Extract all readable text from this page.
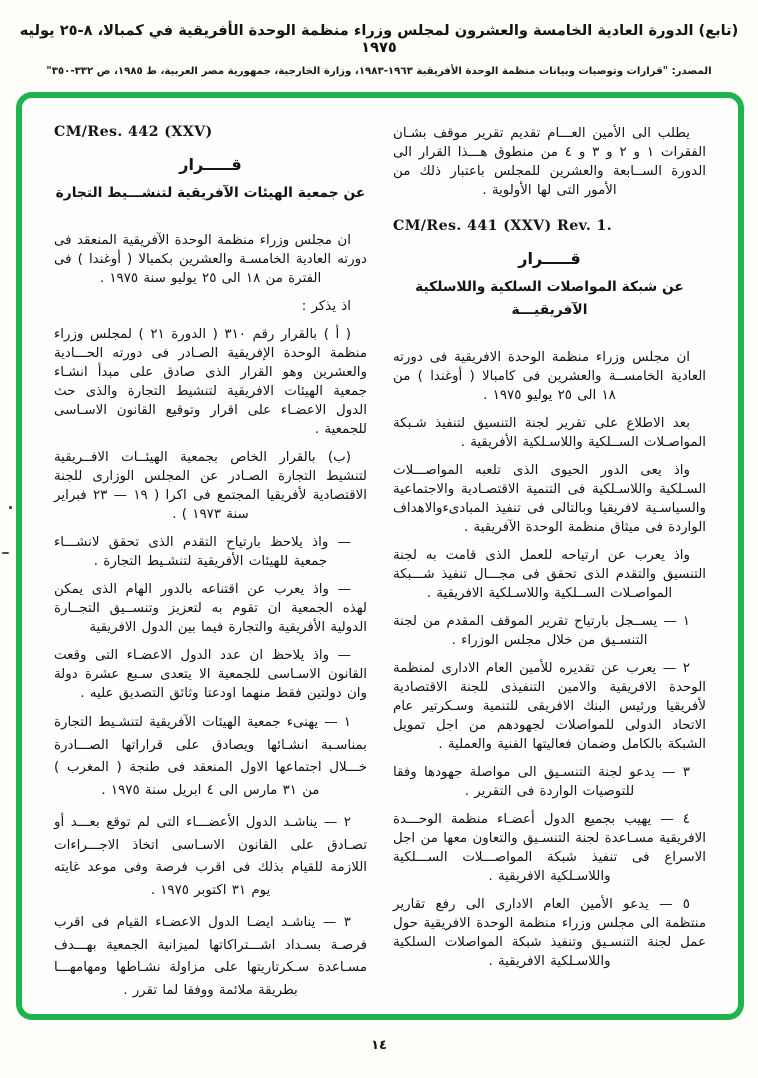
(تابع) الدورة العادية الخامسة والعشرون لمجلس وزراء منظمة الوحدة الأفريقية في كمبالا، ٨-٢٥ يوليه ١٩٧٥
المصدر: "قرارات وتوصيات وبيانات منظمة الوحدة الأفريقية ١٩٦٣-١٩٨٣، وزارة الخارجية، جمهورية مصر العربية، ط ١٩٨٥، ص ٣٣٢-٣٥٠"

يطلب الى الأمين العـــام تقديم تقرير موقف بشـان الفقرات ١ و ٢ و ٣ و ٤ من منطوق هـــذا القرار الى الدورة الســابعة والعشرين للمجلس باعتبار ذلك من الأمور التى لها الأولوية .

CM/Res. 441 (XXV) Rev. 1.

قـــــرار
عن شبكة المواصلات السلكية واللاسلكية
الآفريقيـــة

ان مجلس وزراء منظمة الوحدة الافريقية فى دورته العادية الخامســة والعشرين فى كامبالا ( أوغندا ) من ١٨ الى ٢٥ يوليو ١٩٧٥ .

بعد الاطلاع على تقرير لجنة التنسيق لتنفيذ شـبكة المواصـلات الســلكية واللاسـلكية الأفريقية .

واذ يعى الدور الحيوى الذى تلعبه المواصـــلات السـلكية واللاسـلكية فى التنمية الاقتصـادية والاجتماعية والسياسـية لافريقيا وبالتالى فى تنفيذ المبادىءوالاهداف الواردة فى ميثاق منظمة الوحدة الآفريقية .

واذ يعرب عن ارتياحه للعمل الذى قامت به لجنة التنسيق والتقدم الذى تحقق فى مجـــال تنفيذ شـــبكة المواصـلات الســلكية واللاسـلكية الافريقية .

١ — يســجل بارتياح تقرير الموقف المقدم من لجنة التنسـيق من خلال مجلس الوزراء .

٢ — يعرب عن تقديره للأمين العام الادارى لمنظمة الوحدة الافريقية والامين التنفيذى للجنة الاقتصادية لأفريقيا ورئيس البنك الافريقى للتنمية وسـكرتير عام الاتحاد الدولى للمواصلات لجهودهم من اجل تمويل الشبكة بالكامل وضمان فعاليتها الفنية والعملية .

٣ — يدعو لجنة التنسـيق الى مواصلة جهودها وفقا للتوصيات الواردة فى التقرير .

٤ — يهيب بجميع الدول أعضـاء منظمة الوحـــدة الافريقية مسـاعدة لجنة التنسـيق والتعاون معها من اجل الاسراع فى تنفيذ شبكة المواصـــلات الســـلكية واللاسـلكية الافريقية .

٥ — يدعو الأمين العام الادارى الى رفع تقارير منتظمة الى مجلس وزراء منظمة الوحدة الافريقية حول عمل لجنة التنسـيق وتنفيذ شبكة المواصلات السلكية واللاسـلكية الافريقية .

CM/Res. 442 (XXV)

قـــــرار
عن جمعية الهيئات الآفريقية لتنشـــيط التجارة

ان مجلس وزراء منظمة الوحدة الآفريقية المنعقد فى دورته العادية الخامسـة والعشرين بكمبالا ( أوغندا ) فى الفترة من ١٨ الى ٢٥ يوليو سنة ١٩٧٥ .

اذ يذكر :

( أ ) بالقرار رقم ٣١٠ ( الدورة ٢١ ) لمجلس وزراء منظمة الوحدة الإفريقية الصـادر فى دورته الحـــادية والعشرين وهو القرار الذى صادق على مبدأ انشـاء جمعية الهيئات الافريقية لتنشيط التجارة والذى حث الدول الاعضـاء على اقرار وتوقيع القانون الاسـاسى للجمعية .

(ب) بالقرار الخاص بجمعية الهيئــات الافــريقية لتنشيط التجارة الصـادر عن المجلس الوزارى للجنة الاقتصادية لأفريقيا المجتمع فى اكرا ( ١٩ — ٢٣ فبراير سنة ١٩٧٣ ) .

— واذ يلاحظ بارتياح التقدم الذى تحقق لانشـــاء جمعية للهيئات الأفريقية لتنشـيط التجارة .

— واذ يعرب عن اقتناعه بالدور الهام الذى يمكن لهذه الجمعية ان تقوم به لتعزيز وتنســيق التجــارة الدولية الأفريقية والتجارة فيما بين الدول الافريقية

— واذ يلاحظ ان عدد الدول الاعضـاء التى وقعت القانون الاسـاسى للجمعية الا يتعدى سـبع عشرة دولة وان دولتين فقط منهما اودعتا وثائق التصديق عليه .

١ — يهنىء جمعية الهيئات الآفريقية لتنشـيط التجارة بمناسـبة انشـائها ويصادق على قراراتها الصـــادرة خـــلال اجتماعها الاول المنعقد فى طنجة ( المغرب ) من ٣١ مارس الى ٤ ابريل سنة ١٩٧٥ .

٢ — يناشـد الدول الأعضـــاء التى لم توقع بعـــد أو تصـادق على القانون الاسـاسى اتخاذ الاجـــراءات اللازمة للقيام بذلك فى اقرب فرصة وفى موعد غايته يوم ٣١ اكتوبر ١٩٧٥ .

٣ — يناشـد ايضـا الدول الاعضـاء القيام فى اقرب فرصـة بسـداد اشـــتراكاتها لميزانية الجمعية بهـــدف مسـاعدة سـكرتاريتها على مزاولة نشـاطها ومهامهـــا بطريقة ملائمة ووفقا لما تقرر .

١٤
